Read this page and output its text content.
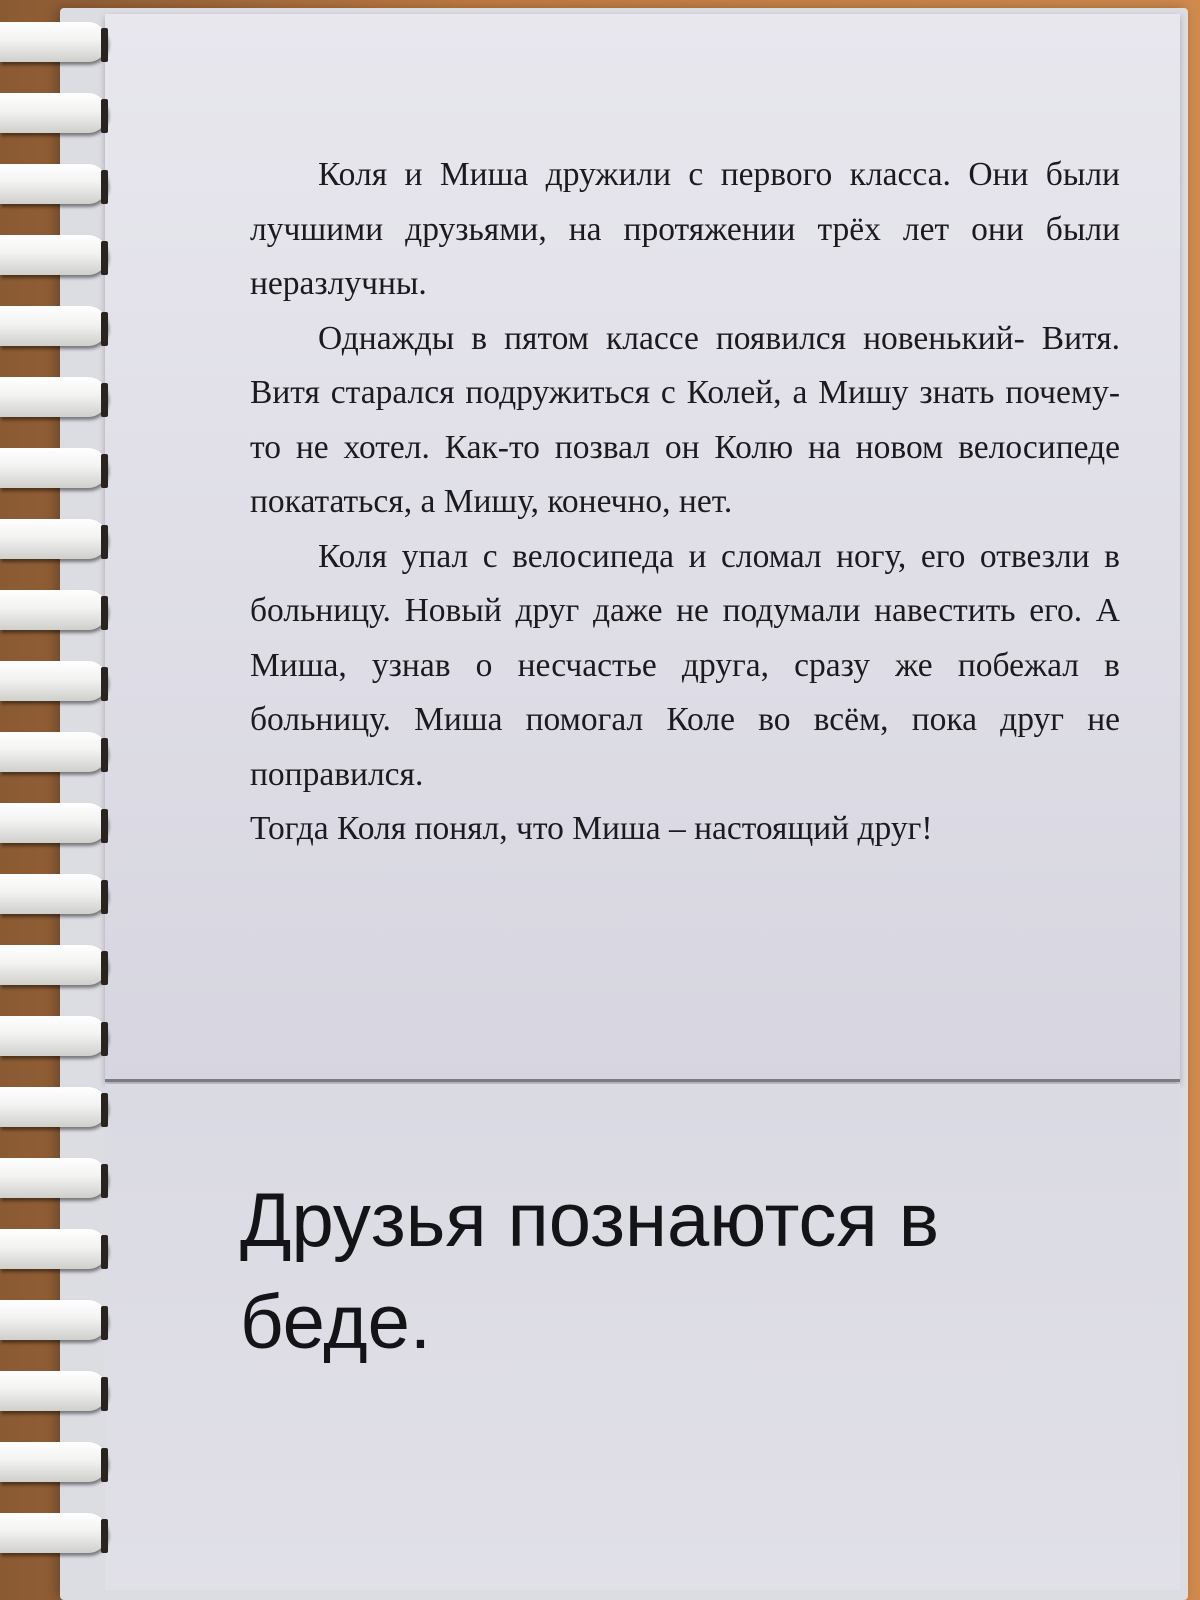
Коля и Миша дружили с первого класса. Они были лучшими друзьями, на протяжении трёх лет они были неразлучны.

Однажды в пятом классе появился новенький- Витя. Витя старался подружиться с Колей, а Мишу знать почему-то не хотел. Как-то позвал он Колю на новом велосипеде покататься, а Мишу, конечно, нет.

Коля упал с велосипеда и сломал ногу, его отвезли в больницу. Новый друг даже не подумали навестить его. А Миша, узнав о несчастье друга, сразу же побежал в больницу. Миша помогал Коле во всём, пока друг не поправился.

Тогда Коля понял, что Миша – настоящий друг!

Друзья познаются в беде.
